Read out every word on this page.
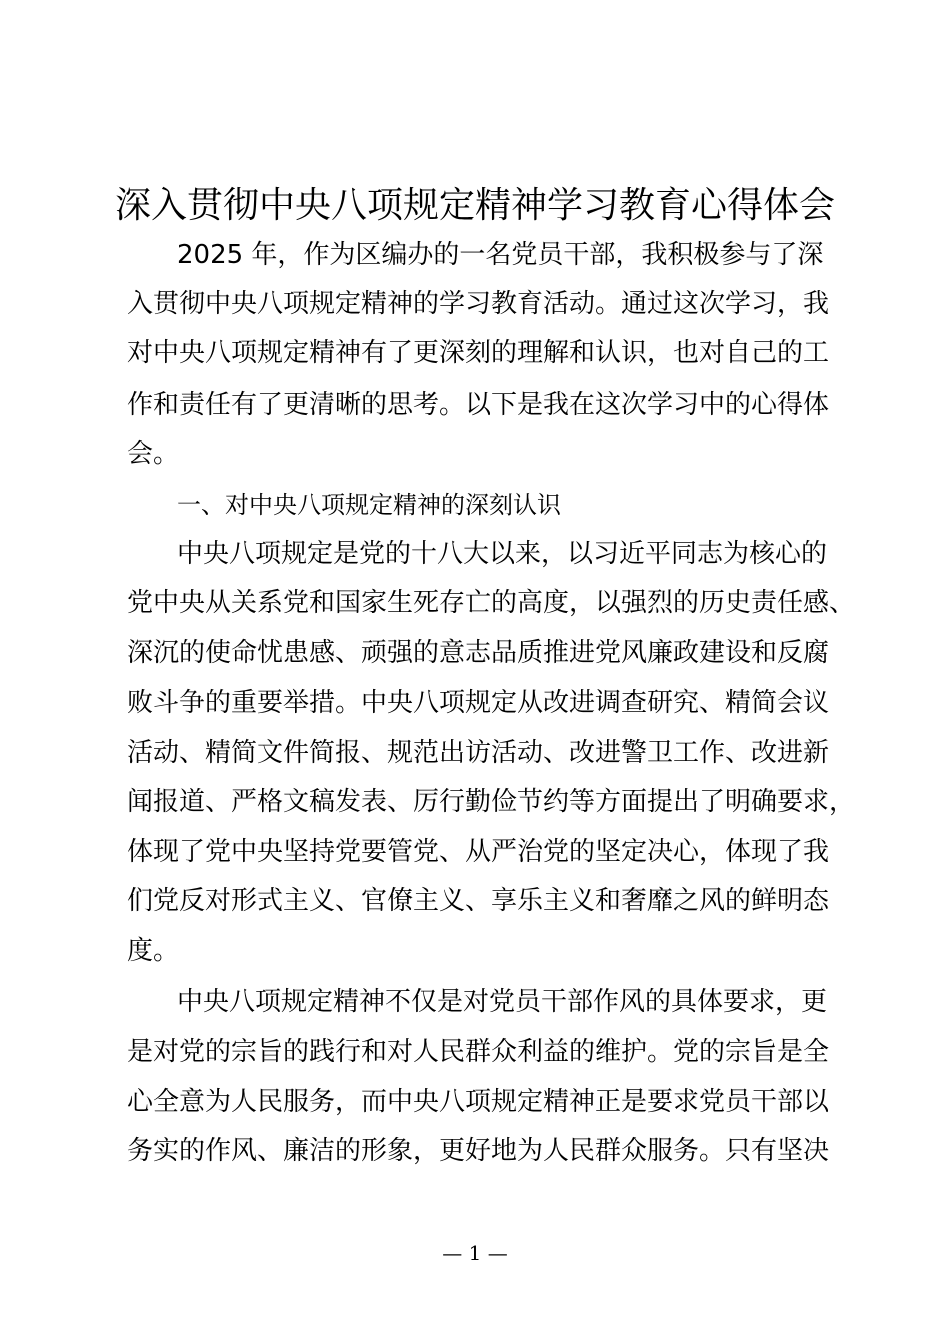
深入贯彻中央八项规定精神学习教育心得体会
2025 年，作为区编办的一名党员干部，我积极参与了深
入贯彻中央八项规定精神的学习教育活动。通过这次学习，我
对中央八项规定精神有了更深刻的理解和认识，也对自己的工
作和责任有了更清晰的思考。以下是我在这次学习中的心得体
会。
一、对中央八项规定精神的深刻认识
中央八项规定是党的十八大以来，以习近平同志为核心的
党中央从关系党和国家生死存亡的高度，以强烈的历史责任感、
深沉的使命忧患感、顽强的意志品质推进党风廉政建设和反腐
败斗争的重要举措。中央八项规定从改进调查研究、精简会议
活动、精简文件简报、规范出访活动、改进警卫工作、改进新
闻报道、严格文稿发表、厉行勤俭节约等方面提出了明确要求，
体现了党中央坚持党要管党、从严治党的坚定决心，体现了我
们党反对形式主义、官僚主义、享乐主义和奢靡之风的鲜明态
度。
中央八项规定精神不仅是对党员干部作风的具体要求，更
是对党的宗旨的践行和对人民群众利益的维护。党的宗旨是全
心全意为人民服务，而中央八项规定精神正是要求党员干部以
务实的作风、廉洁的形象，更好地为人民群众服务。只有坚决
— 1 —
